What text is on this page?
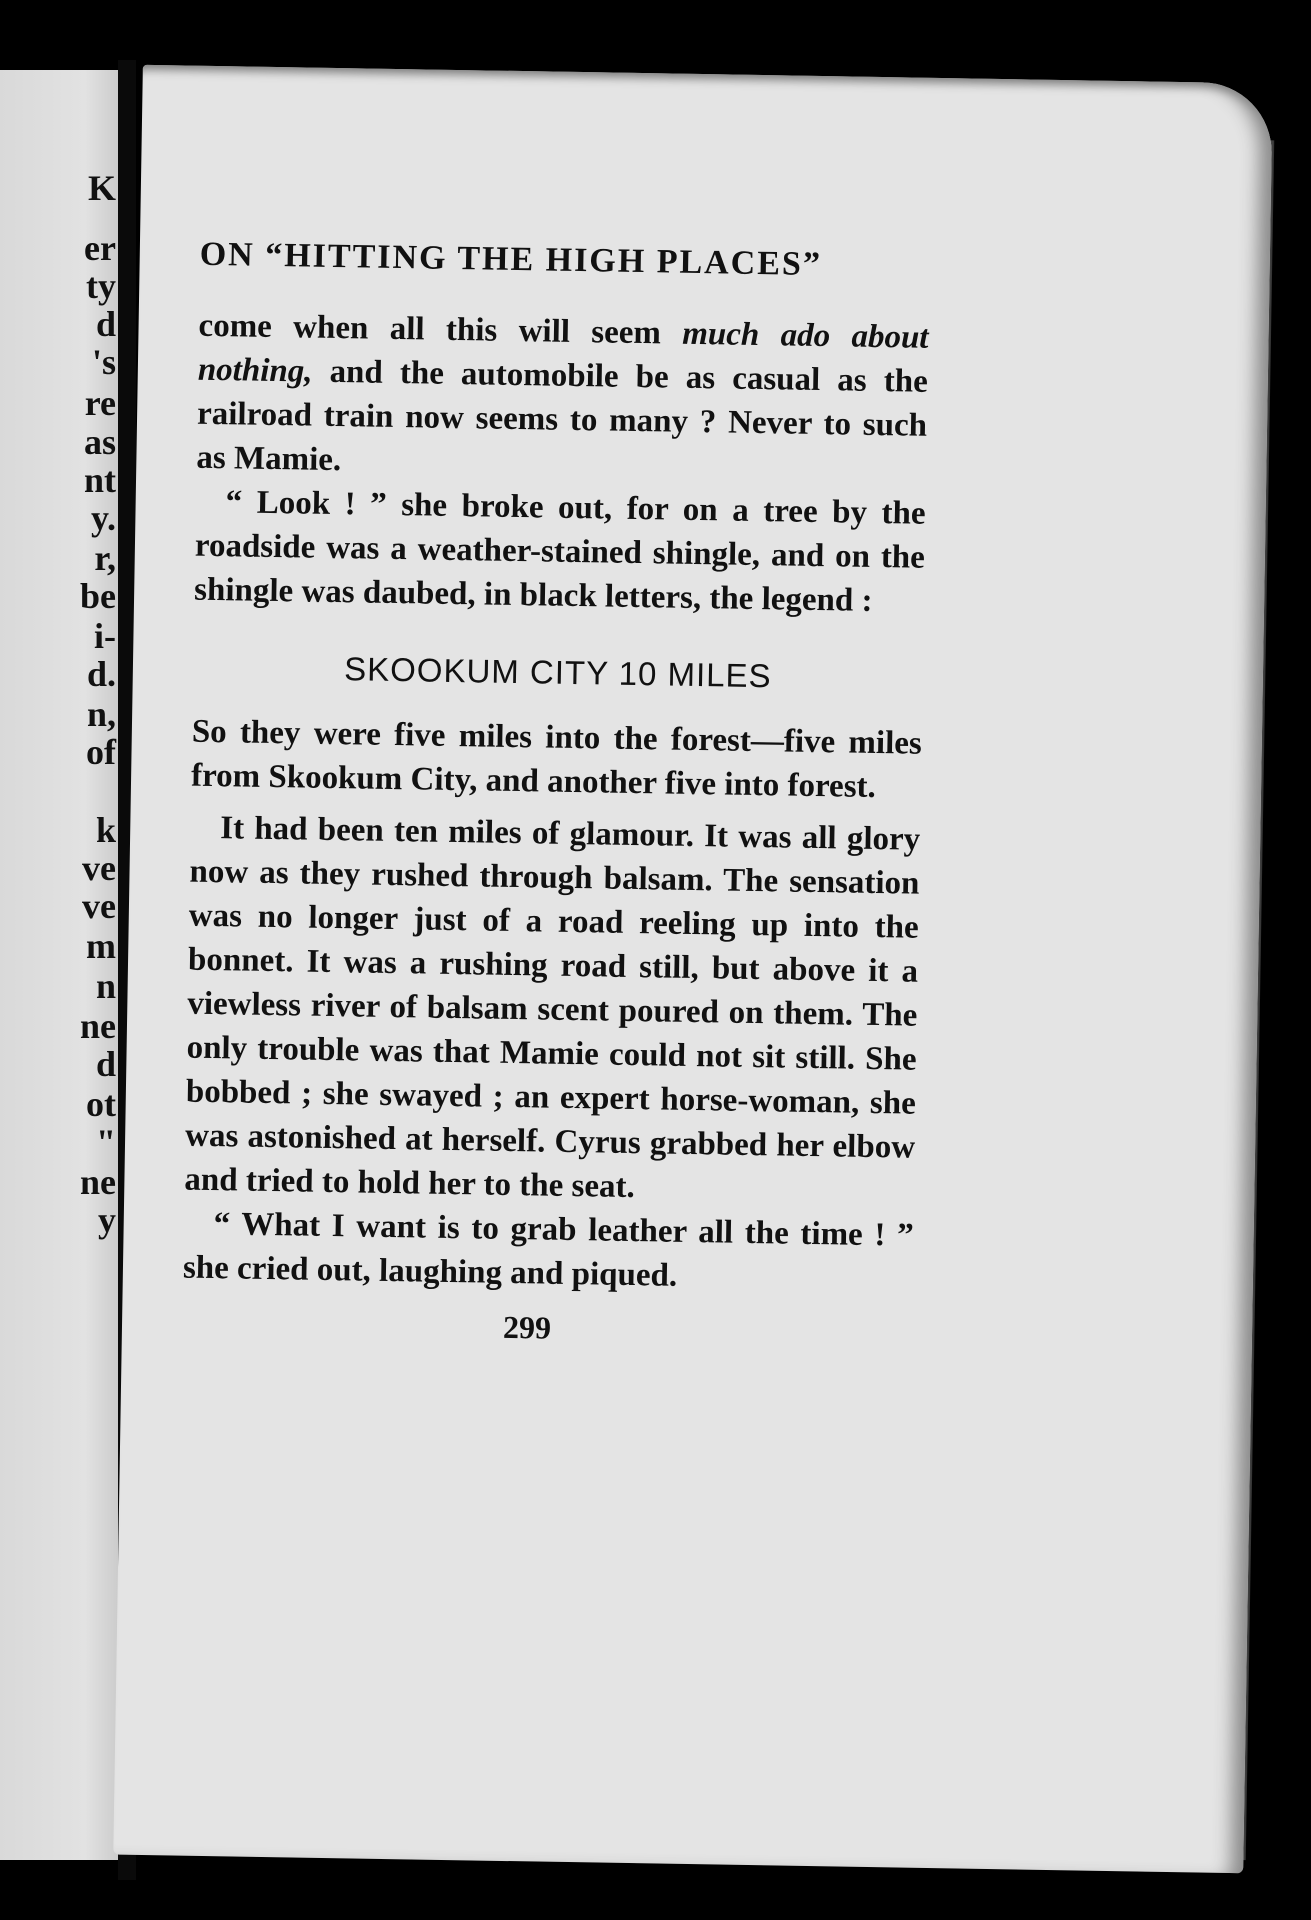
K
er
ty
d
's
re
as
nt
y.
r,
be
i-
d.
n,
of
k
ve
ve
m
n
ne
d
ot
"
ne
y
ON “HITTING THE HIGH PLACES”

come when all this will seem much ado about nothing, and the automobile be as casual as the railroad train now seems to many ? Never to such as Mamie.

“ Look ! ” she broke out, for on a tree by the roadside was a weather-stained shingle, and on the shingle was daubed, in black letters, the legend :

SKOOKUM CITY 10 MILES

So they were five miles into the forest—five miles from Skookum City, and another five into forest.

It had been ten miles of glamour. It was all glory now as they rushed through balsam. The sensation was no longer just of a road reeling up into the bonnet. It was a rushing road still, but above it a viewless river of balsam scent poured on them. The only trouble was that Mamie could not sit still. She bobbed ; she swayed ; an expert horse-woman, she was astonished at herself. Cyrus grabbed her elbow and tried to hold her to the seat.

“ What I want is to grab leather all the time ! ” she cried out, laughing and piqued.

299
